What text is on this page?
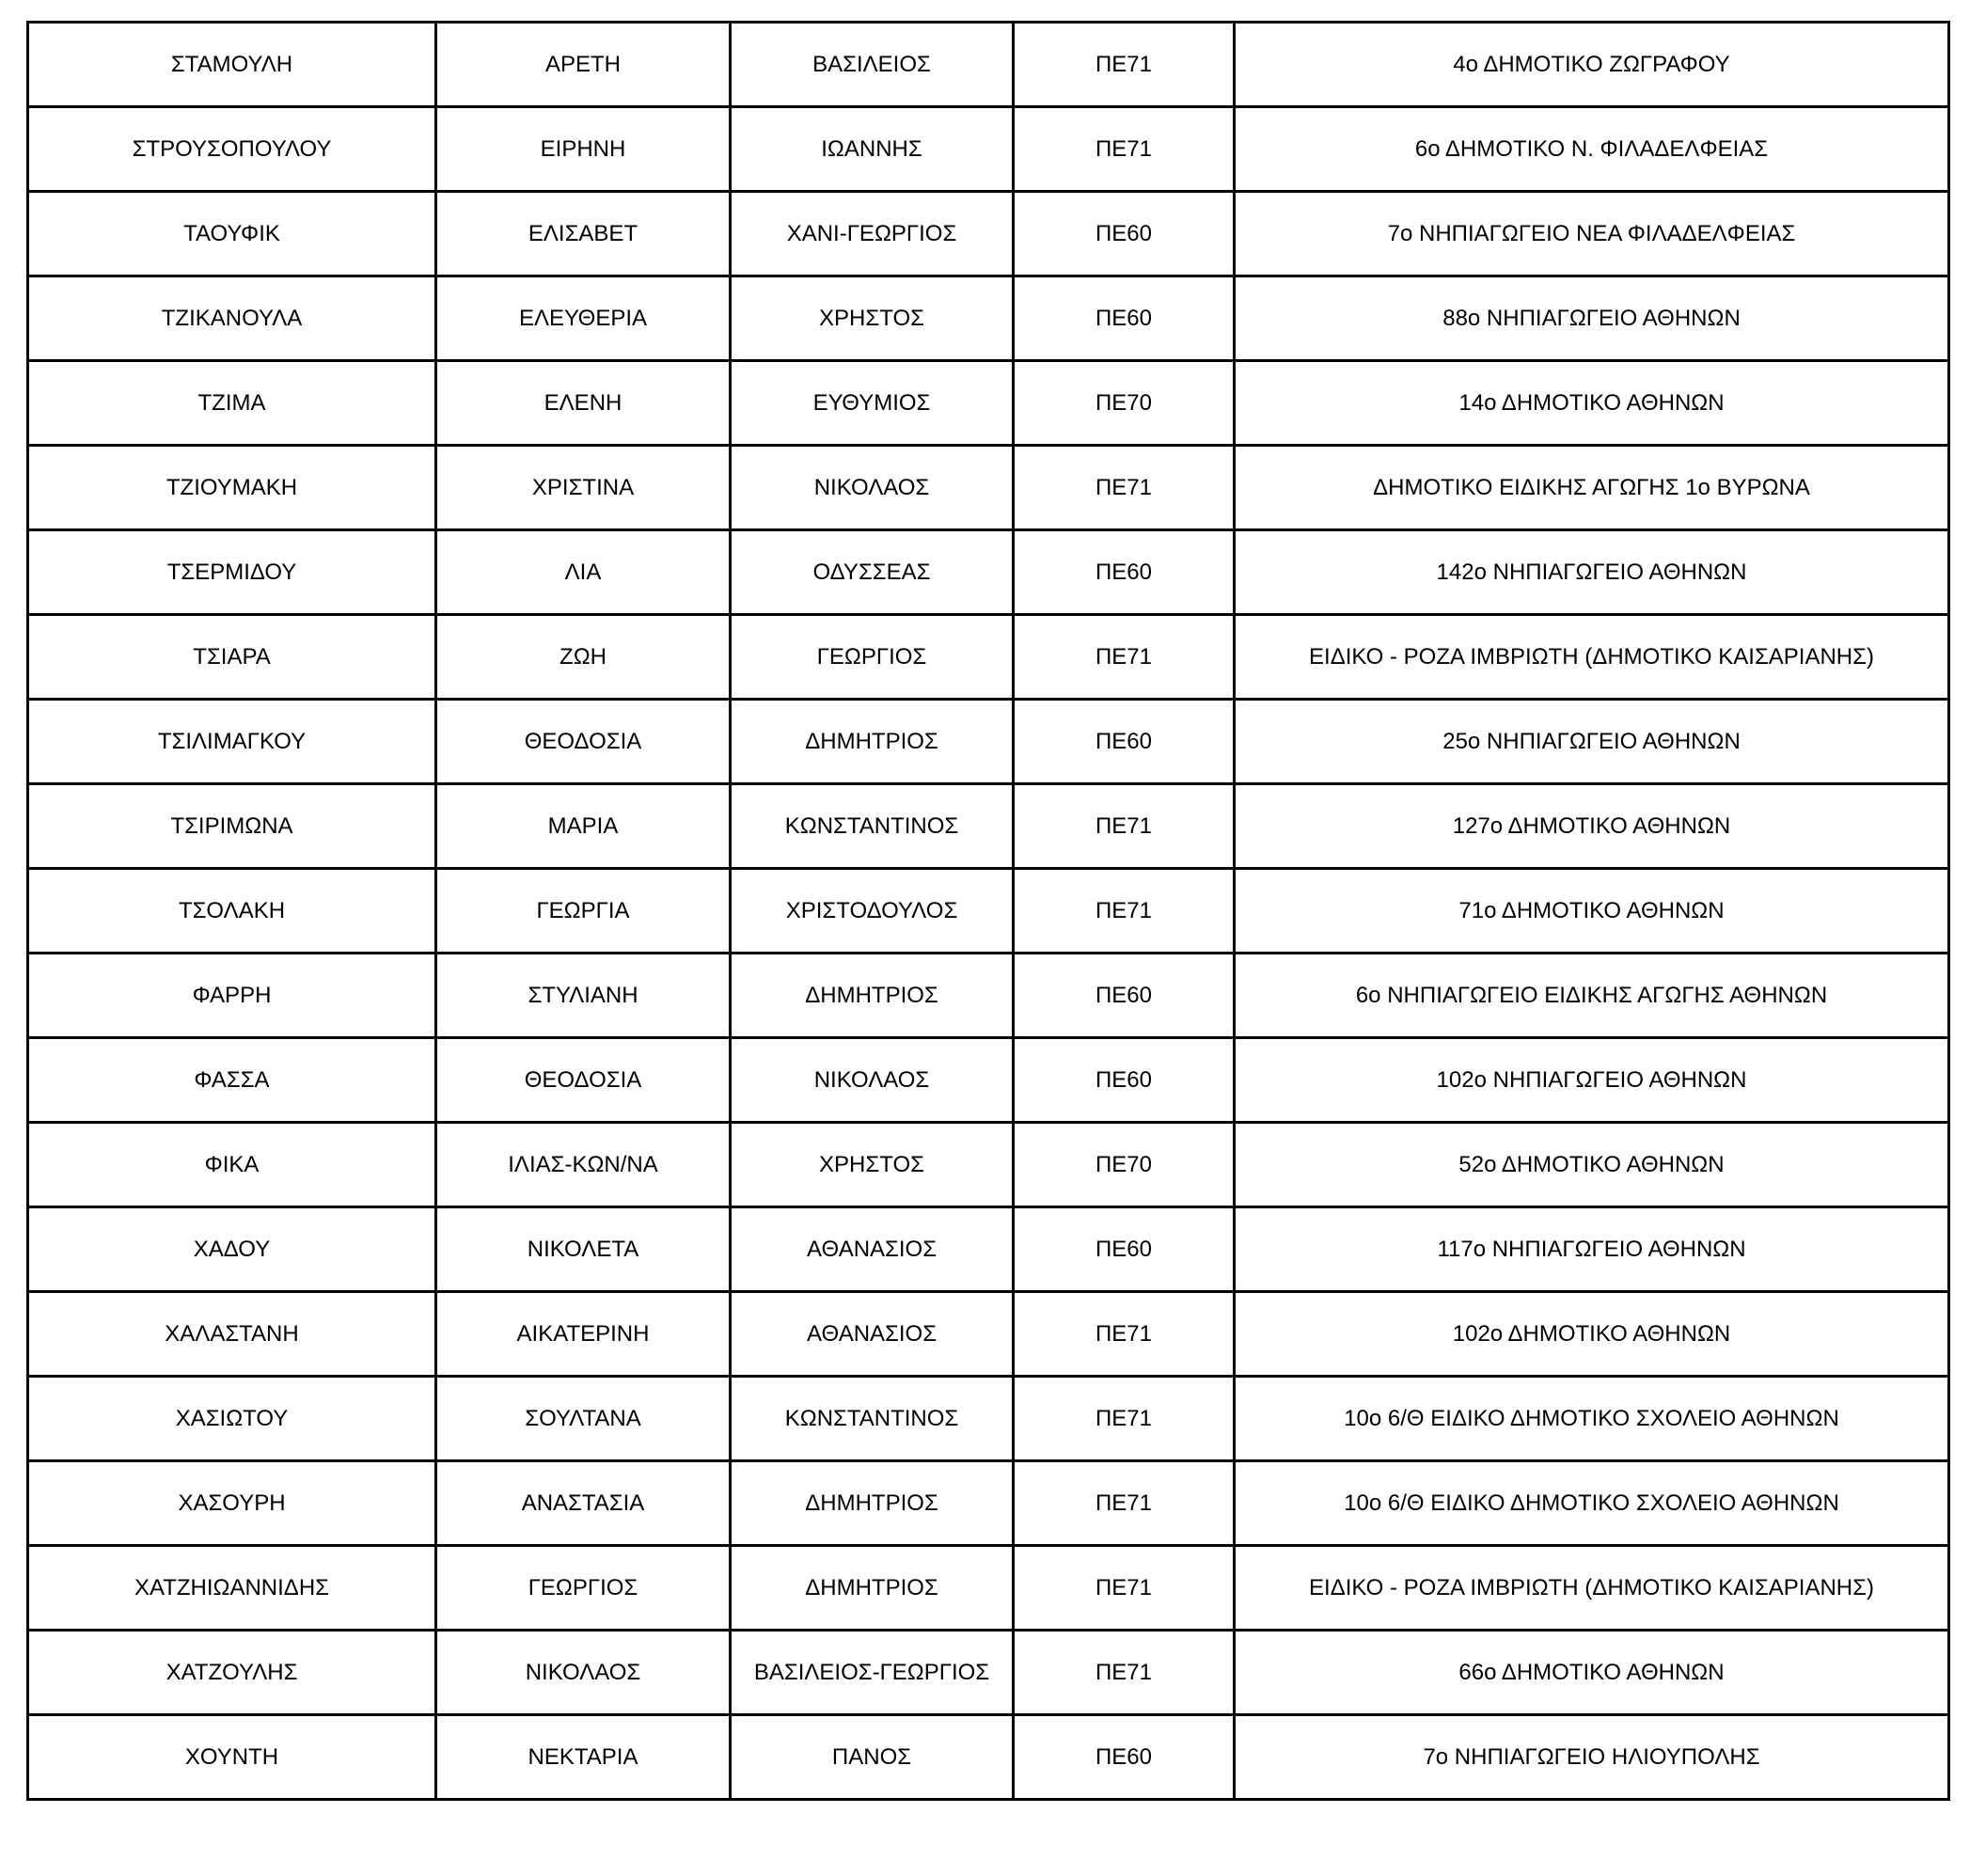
ΣΤΑΜΟΥΛΗ	ΑΡΕΤΗ	ΒΑΣΙΛΕΙΟΣ	ΠΕ71	4ο ΔΗΜΟΤΙΚΟ ΖΩΓΡΑΦΟΥ
ΣΤΡΟΥΣΟΠΟΥΛΟΥ	ΕΙΡΗΝΗ	ΙΩΑΝΝΗΣ	ΠΕ71	6ο ΔΗΜΟΤΙΚΟ Ν. ΦΙΛΑΔΕΛΦΕΙΑΣ
ΤΑΟΥΦΙΚ	ΕΛΙΣΑΒΕΤ	ΧΑΝΙ-ΓΕΩΡΓΙΟΣ	ΠΕ60	7ο ΝΗΠΙΑΓΩΓΕΙΟ ΝΕΑ ΦΙΛΑΔΕΛΦΕΙΑΣ
ΤΖΙΚΑΝΟΥΛΑ	ΕΛΕΥΘΕΡΙΑ	ΧΡΗΣΤΟΣ	ΠΕ60	88ο ΝΗΠΙΑΓΩΓΕΙΟ ΑΘΗΝΩΝ
ΤΖΙΜΑ	ΕΛΕΝΗ	ΕΥΘΥΜΙΟΣ	ΠΕ70	14ο ΔΗΜΟΤΙΚΟ ΑΘΗΝΩΝ
ΤΖΙΟΥΜΑΚΗ	ΧΡΙΣΤΙΝΑ	ΝΙΚΟΛΑΟΣ	ΠΕ71	ΔΗΜΟΤΙΚΟ ΕΙΔΙΚΗΣ ΑΓΩΓΗΣ 1ο ΒΥΡΩΝΑ
ΤΣΕΡΜΙΔΟΥ	ΛΙΑ	ΟΔΥΣΣΕΑΣ	ΠΕ60	142ο ΝΗΠΙΑΓΩΓΕΙΟ ΑΘΗΝΩΝ
ΤΣΙΑΡΑ	ΖΩΗ	ΓΕΩΡΓΙΟΣ	ΠΕ71	ΕΙΔΙΚΟ - ΡΟΖΑ ΙΜΒΡΙΩΤΗ (ΔΗΜΟΤΙΚΟ ΚΑΙΣΑΡΙΑΝΗΣ)
ΤΣΙΛΙΜΑΓΚΟΥ	ΘΕΟΔΟΣΙΑ	ΔΗΜΗΤΡΙΟΣ	ΠΕ60	25ο ΝΗΠΙΑΓΩΓΕΙΟ ΑΘΗΝΩΝ
ΤΣΙΡΙΜΩΝΑ	ΜΑΡΙΑ	ΚΩΝΣΤΑΝΤΙΝΟΣ	ΠΕ71	127ο ΔΗΜΟΤΙΚΟ ΑΘΗΝΩΝ
ΤΣΟΛΑΚΗ	ΓΕΩΡΓΙΑ	ΧΡΙΣΤΟΔΟΥΛΟΣ	ΠΕ71	71ο ΔΗΜΟΤΙΚΟ ΑΘΗΝΩΝ
ΦΑΡΡΗ	ΣΤΥΛΙΑΝΗ	ΔΗΜΗΤΡΙΟΣ	ΠΕ60	6ο ΝΗΠΙΑΓΩΓΕΙΟ ΕΙΔΙΚΗΣ ΑΓΩΓΗΣ ΑΘΗΝΩΝ
ΦΑΣΣΑ	ΘΕΟΔΟΣΙΑ	ΝΙΚΟΛΑΟΣ	ΠΕ60	102ο ΝΗΠΙΑΓΩΓΕΙΟ ΑΘΗΝΩΝ
ΦΙΚΑ	ΙΛΙΑΣ-ΚΩΝ/ΝΑ	ΧΡΗΣΤΟΣ	ΠΕ70	52ο ΔΗΜΟΤΙΚΟ ΑΘΗΝΩΝ
ΧΑΔΟΥ	ΝΙΚΟΛΕΤΑ	ΑΘΑΝΑΣΙΟΣ	ΠΕ60	117ο ΝΗΠΙΑΓΩΓΕΙΟ ΑΘΗΝΩΝ
ΧΑΛΑΣΤΑΝΗ	ΑΙΚΑΤΕΡΙΝΗ	ΑΘΑΝΑΣΙΟΣ	ΠΕ71	102ο ΔΗΜΟΤΙΚΟ ΑΘΗΝΩΝ
ΧΑΣΙΩΤΟΥ	ΣΟΥΛΤΑΝΑ	ΚΩΝΣΤΑΝΤΙΝΟΣ	ΠΕ71	10ο 6/Θ ΕΙΔΙΚΟ ΔΗΜΟΤΙΚΟ ΣΧΟΛΕΙΟ ΑΘΗΝΩΝ
ΧΑΣΟΥΡΗ	ΑΝΑΣΤΑΣΙΑ	ΔΗΜΗΤΡΙΟΣ	ΠΕ71	10ο 6/Θ ΕΙΔΙΚΟ ΔΗΜΟΤΙΚΟ ΣΧΟΛΕΙΟ ΑΘΗΝΩΝ
ΧΑΤΖΗΙΩΑΝΝΙΔΗΣ	ΓΕΩΡΓΙΟΣ	ΔΗΜΗΤΡΙΟΣ	ΠΕ71	ΕΙΔΙΚΟ - ΡΟΖΑ ΙΜΒΡΙΩΤΗ (ΔΗΜΟΤΙΚΟ ΚΑΙΣΑΡΙΑΝΗΣ)
ΧΑΤΖΟΥΛΗΣ	ΝΙΚΟΛΑΟΣ	ΒΑΣΙΛΕΙΟΣ-ΓΕΩΡΓΙΟΣ	ΠΕ71	66ο ΔΗΜΟΤΙΚΟ ΑΘΗΝΩΝ
ΧΟΥΝΤΗ	ΝΕΚΤΑΡΙΑ	ΠΑΝΟΣ	ΠΕ60	7ο ΝΗΠΙΑΓΩΓΕΙΟ ΗΛΙΟΥΠΟΛΗΣ
